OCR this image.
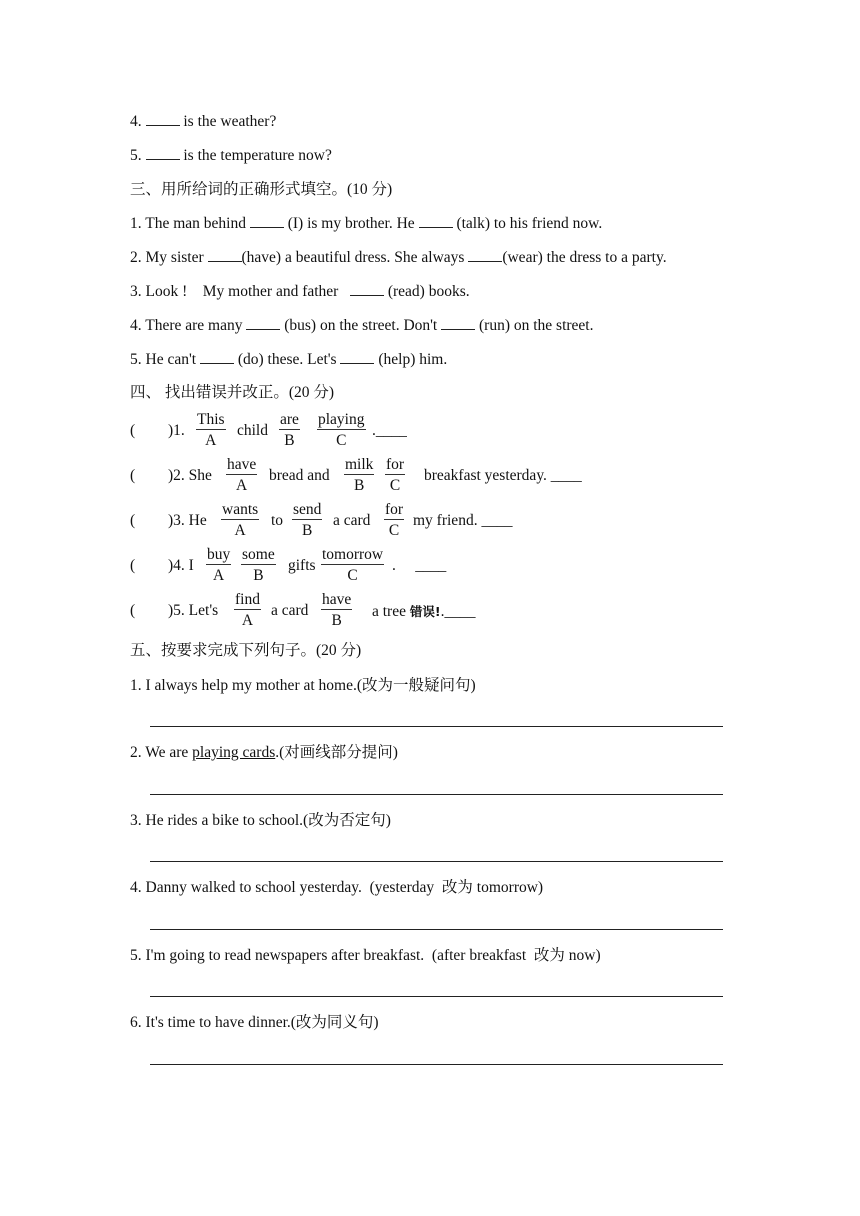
4.	is the weather?
5.	is the temperature now?
三、用所给词的正确形式填空。(10 分)
1. The man behind	(I) is my brother. He	(talk) to his friend now.
2. My sister (have) a beautiful dress. She always (wear) the dress to a party.
3. Look !    My mother and father	(read) books.
4. There are many	(bus) on the street. Don't	(run) on the street.
5. He can't	(do) these. Let's	(help) him.
四、 找出错误并改正。(20 分)
( )1.
This
A
child
are
B
playing
C
.____
( )2. She
have
A
bread and
milk
B
for
C
breakfast yesterday. ____
( )3. He
wants
A
to
send
B
a card
for
C
my friend. ____
( )4. I
buy
A
some
B
gifts
tomorrow
C
.     ____
( )5. Let's
find
A
a card
have
B
a tree 错误!.____
五、按要求完成下列句子。(20 分)
1. I always help my mother at home.(改为一般疑问句)
2. We are playing cards.(对画线部分提问)
3. He rides a bike to school.(改为否定句)
4. Danny walked to school yesterday.  (yesterday  改为 tomorrow)
5. I'm going to read newspapers after breakfast.  (after breakfast  改为 now)
6. It's time to have dinner.(改为同义句)
